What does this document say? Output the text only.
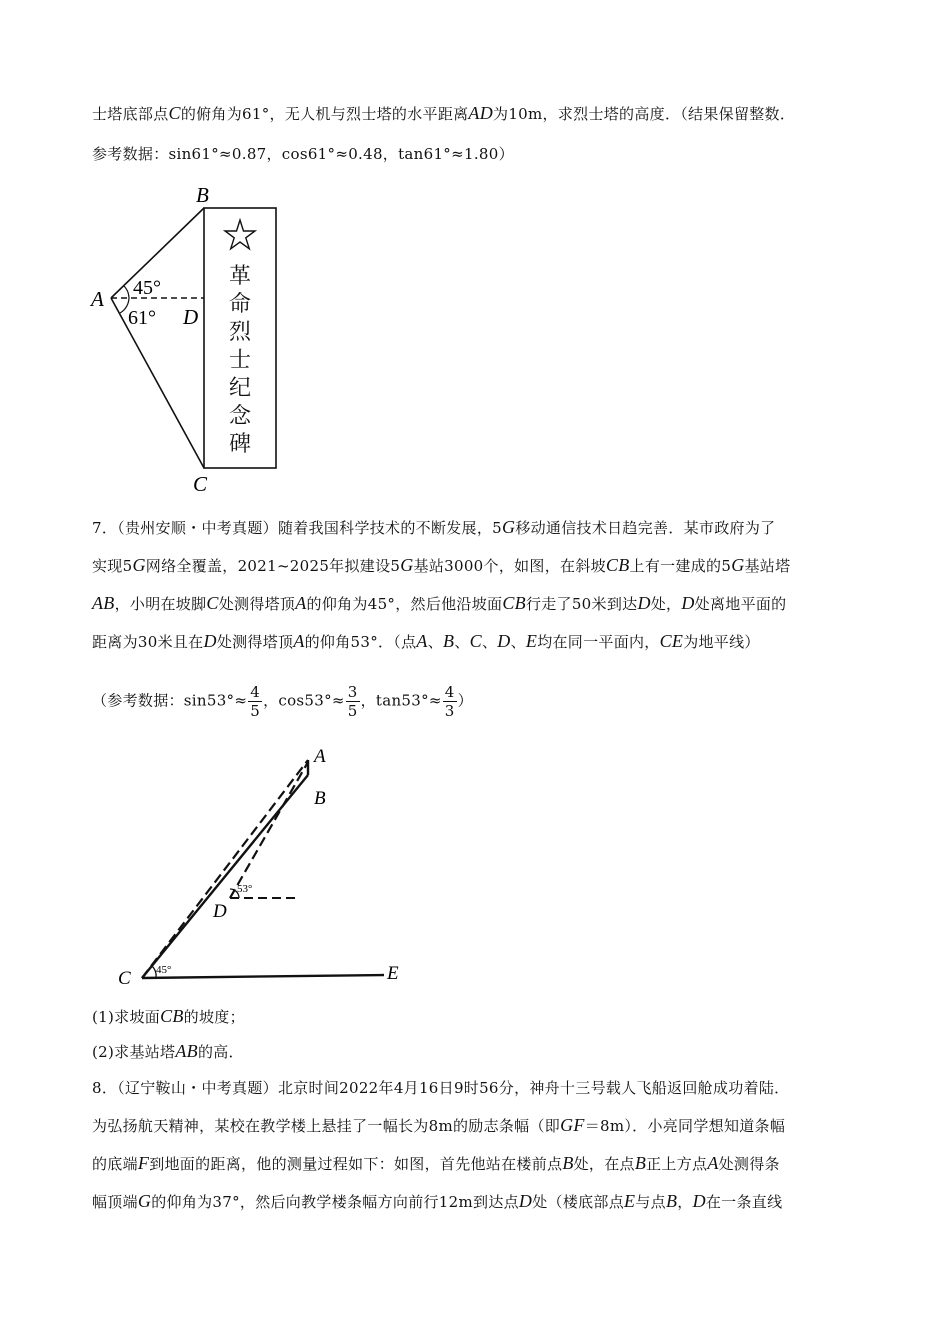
士塔底部点C的俯角为61°，无人机与烈士塔的水平距离AD为10m，求烈士塔的高度．（结果保留整数．
参考数据：sin61°≈0.87，cos61°≈0.48，tan61°≈1.80）
B
A
D
C
45°
61°
革
命
烈
士
纪
念
碑
7．（贵州安顺・中考真题）随着我国科学技术的不断发展，5G移动通信技术日趋完善．某市政府为了
实现5G网络全覆盖，2021~2025年拟建设5G基站3000个，如图，在斜坡CB上有一建成的5G基站塔
AB，小明在坡脚C处测得塔顶A的仰角为45°，然后他沿坡面CB行走了50米到达D处，D处离地平面的
距离为30米且在D处测得塔顶A的仰角53°．（点A、B、C、D、E均在同一平面内，CE为地平线）
（参考数据：$\sin 53^\circ\approx \frac{4}{5}$ ，$\cos 53^\circ\approx \frac{3}{5}$ ，$\tan 53^\circ\approx \frac{4}{3}$ ）
A
B
D
C	E
53°
45°
(1)求坡面CB的坡度；
(2)求基站塔AB的高．
8．（辽宁鞍山・中考真题）北京时间2022年4月16日9时56分，神舟十三号载人飞船返回舱成功着陆．
为弘扬航天精神，某校在教学楼上悬挂了一幅长为8m的励志条幅（即GF＝8m）．小亮同学想知道条幅
的底端F到地面的距离，他的测量过程如下：如图，首先他站在楼前点B处，在点B正上方点A处测得条
幅顶端G的仰角为37°，然后向教学楼条幅方向前行12m到达点D处（楼底部点E与点B，D在一条直线
